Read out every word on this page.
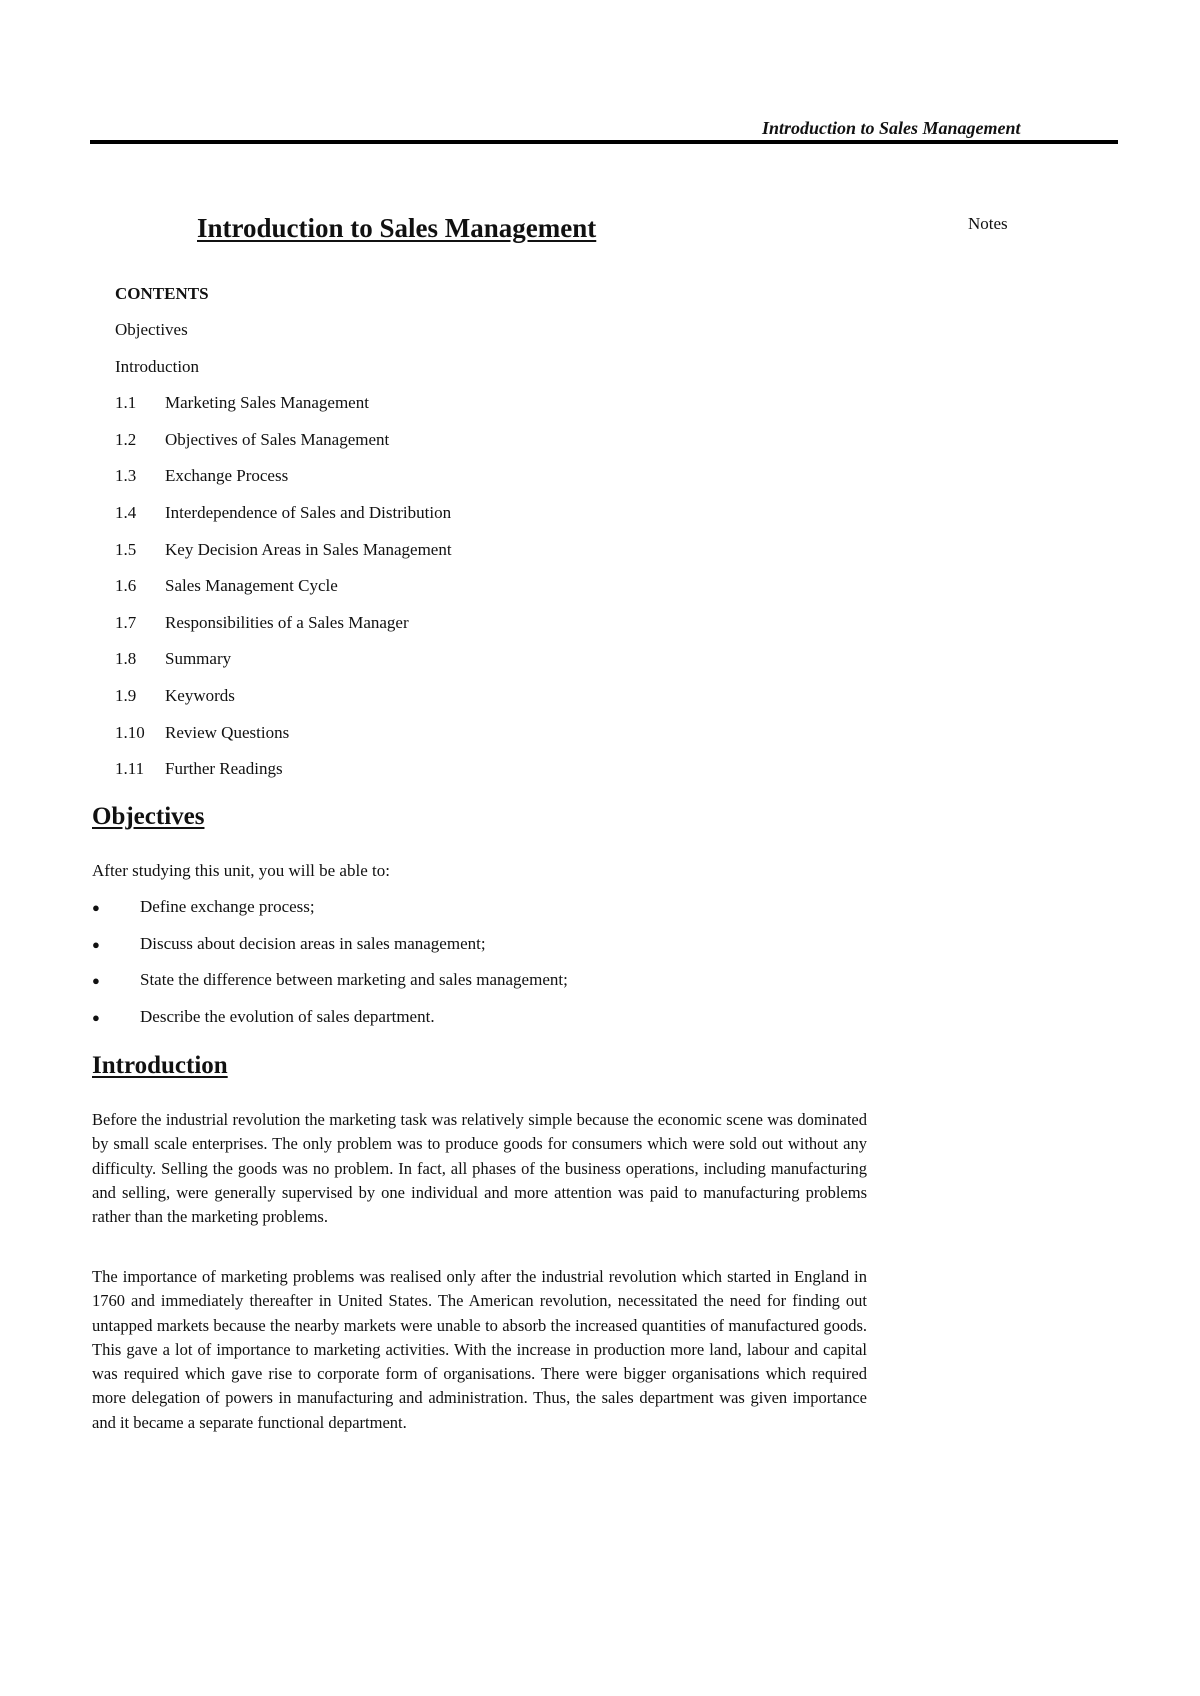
Introduction to Sales Management
Notes
Introduction to Sales Management
CONTENTS
Objectives
Introduction
1.1 Marketing Sales Management
1.2 Objectives of Sales Management
1.3 Exchange Process
1.4 Interdependence of Sales and Distribution
1.5 Key Decision Areas in Sales Management
1.6 Sales Management Cycle
1.7 Responsibilities of a Sales Manager
1.8 Summary
1.9 Keywords
1.10 Review Questions
1.11 Further Readings
Objectives
After studying this unit, you will be able to:
● Define exchange process;
● Discuss about decision areas in sales management;
● State the difference between marketing and sales management;
● Describe the evolution of sales department.
Introduction

Before the industrial revolution the marketing task was relatively simple because the economic scene was dominated by small scale enterprises. The only problem was to produce goods for consumers which were sold out without any difficulty. Selling the goods was no problem. In fact, all phases of the business operations, including manufacturing and selling, were generally supervised by one individual and more attention was paid to manufacturing problems rather than the marketing problems.

The importance of marketing problems was realised only after the industrial revolution which started in England in 1760 and immediately thereafter in United States. The American revolution, necessitated the need for finding out untapped markets because the nearby markets were unable to absorb the increased quantities of manufactured goods. This gave a lot of importance to marketing activities. With the increase in production more land, labour and capital was required which gave rise to corporate form of organisations. There were bigger organisations which required more delegation of powers in manufacturing and administration. Thus, the sales department was given importance and it became a separate functional department.
